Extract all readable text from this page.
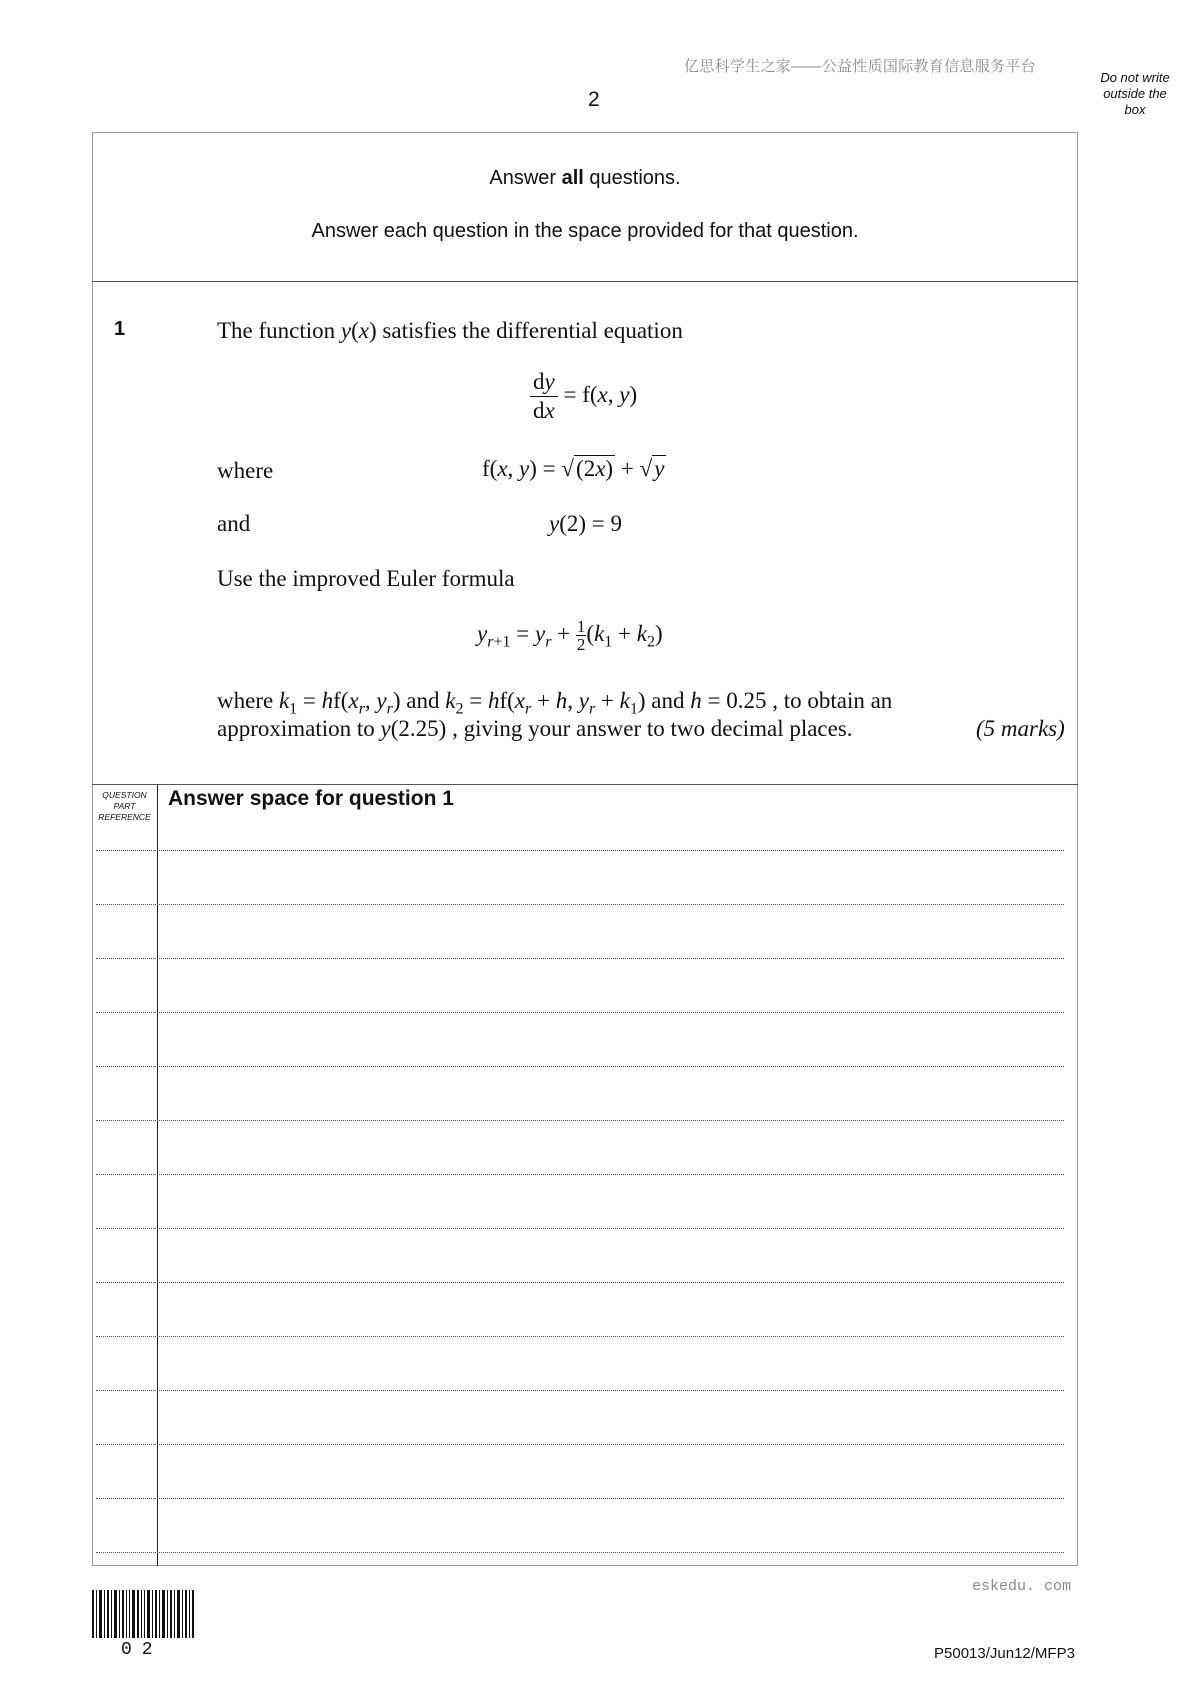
亿思科学生之家——公益性质国际教育信息服务平台
2
Do not write
outside the
box
Answer all questions.
Answer each question in the space provided for that question.
1	The function y(x) satisfies the differential equation
$\frac{dy}{dx} = f(x$, y)
where	f(x, y) = √(2x) + √y
and	y(2) = 9
Use the improved Euler formula
$y_{r+1} = y_r + \frac{1}{2}(k_1 + k_2)$
where $k_1 = hf(x_r$, $y_r$) and $k_2 = hf(x_r + h$, $y_r + k_1$) and h = 0.25 , to obtain an
approximation to y(2.25) , giving your answer to two decimal places.	(5 marks)
QUESTION
PART
REFERENCE
Answer space for question 1
02
eskedu. com
P50013/Jun12/MFP3
